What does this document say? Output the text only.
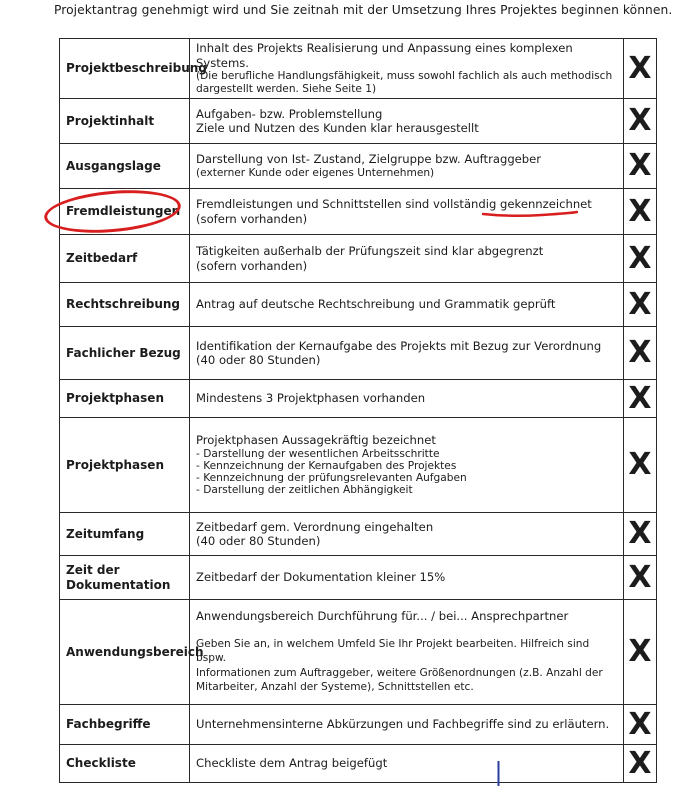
Projektantrag genehmigt wird und Sie zeitnah mit der Umsetzung Ihres Projektes beginnen können.
Projektbeschreibung	Inhalt des Projekts Realisierung und Anpassung eines komplexen Systems.
(Die berufliche Handlungsfähigkeit, muss sowohl fachlich als auch methodisch
dargestellt werden. Siehe Seite 1)	X
Projektinhalt	Aufgaben- bzw. Problemstellung
Ziele und Nutzen des Kunden klar herausgestellt	X
Ausgangslage	Darstellung von Ist- Zustand, Zielgruppe bzw. Auftraggeber
(externer Kunde oder eigenes Unternehmen)	X
Fremdleistungen	Fremdleistungen und Schnittstellen sind vollständig gekennzeichnet
(sofern vorhanden)	X
Zeitbedarf	Tätigkeiten außerhalb der Prüfungszeit sind klar abgegrenzt
(sofern vorhanden)	X
Rechtschreibung	Antrag auf deutsche Rechtschreibung und Grammatik geprüft	X
Fachlicher Bezug	Identifikation der Kernaufgabe des Projekts mit Bezug zur Verordnung
(40 oder 80 Stunden)	X
Projektphasen	Mindestens 3 Projektphasen vorhanden	X
Projektphasen	Projektphasen Aussagekräftig bezeichnet
- Darstellung der wesentlichen Arbeitsschritte
- Kennzeichnung der Kernaufgaben des Projektes
- Kennzeichnung der prüfungsrelevanten Aufgaben
- Darstellung der zeitlichen Abhängigkeit	X
Zeitumfang	Zeitbedarf gem. Verordnung eingehalten
(40 oder 80 Stunden)	X
Zeit der Dokumentation	Zeitbedarf der Dokumentation kleiner 15%	X
Anwendungsbereich	Anwendungsbereich Durchführung für... / bei... Ansprechpartner
Geben Sie an, in welchem Umfeld Sie Ihr Projekt bearbeiten. Hilfreich sind bspw.
Informationen zum Auftraggeber, weitere Größenordnungen (z.B. Anzahl der
Mitarbeiter, Anzahl der Systeme), Schnittstellen etc.	X
Fachbegriffe	Unternehmensinterne Abkürzungen und Fachbegriffe sind zu erläutern.	X
Checkliste	Checkliste dem Antrag beigefügt	X
